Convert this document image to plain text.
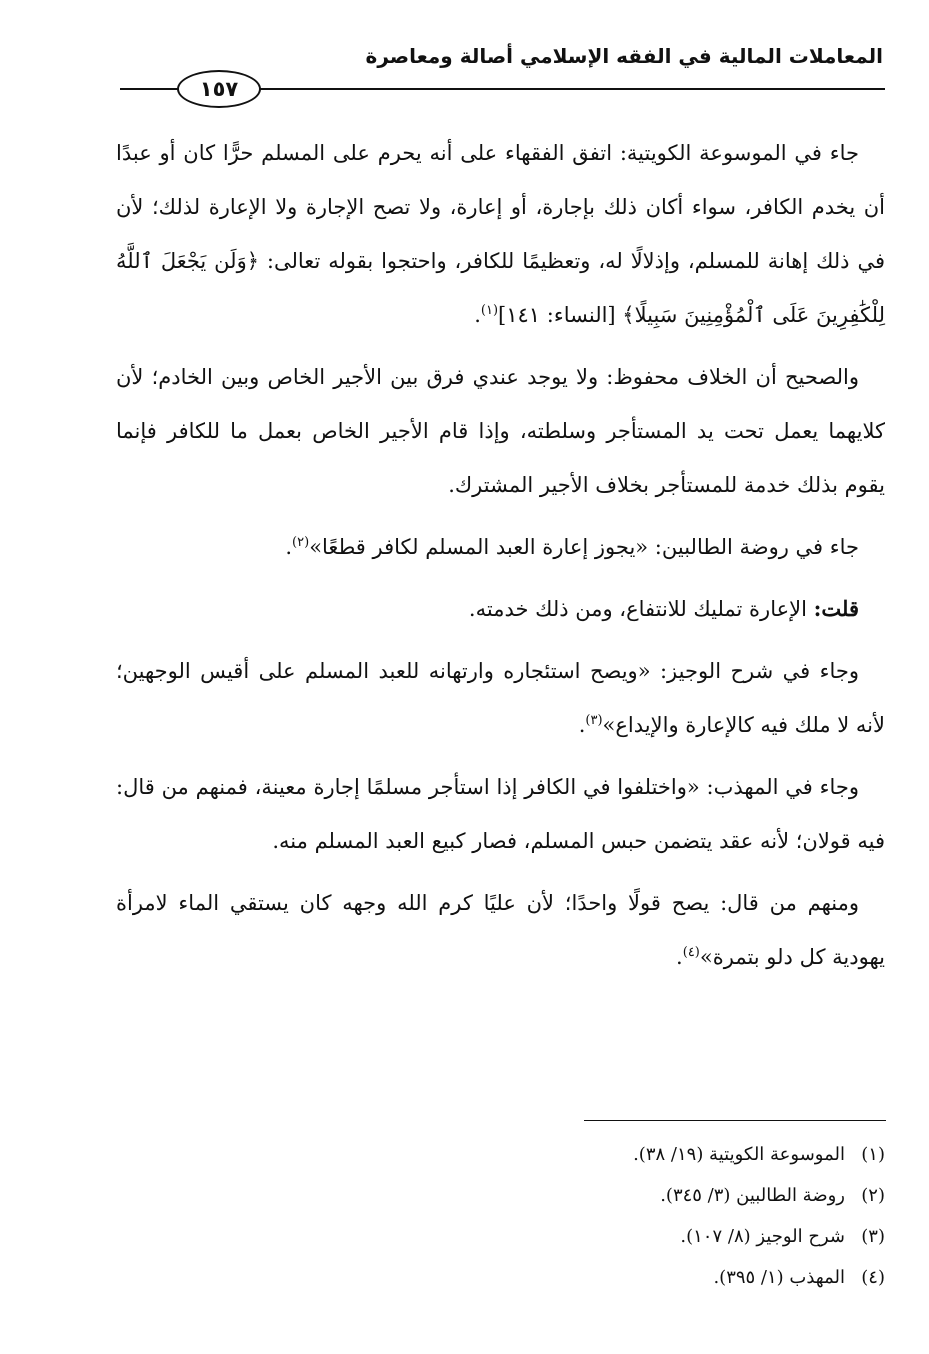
المعاملات المالية في الفقه الإسلامي أصالة ومعاصرة
١٥٧

جاء في الموسوعة الكويتية: اتفق الفقهاء على أنه يحرم على المسلم حرًّا كان أو عبدًا أن يخدم الكافر، سواء أكان ذلك بإجارة، أو إعارة، ولا تصح الإجارة ولا الإعارة لذلك؛ لأن في ذلك إهانة للمسلم، وإذلالًا له، وتعظيمًا للكافر، واحتجوا بقوله تعالى: ﴿وَلَن يَجْعَلَ ٱللَّهُ لِلْكَٰفِرِينَ عَلَى ٱلْمُؤْمِنِينَ سَبِيلًا﴾ [النساء: ١٤١]$^{(١)}$.

والصحيح أن الخلاف محفوظ: ولا يوجد عندي فرق بين الأجير الخاص وبين الخادم؛ لأن كلايهما يعمل تحت يد المستأجر وسلطته، وإذا قام الأجير الخاص بعمل ما للكافر فإنما يقوم بذلك خدمة للمستأجر بخلاف الأجير المشترك.

جاء في روضة الطالبين: «يجوز إعارة العبد المسلم لكافر قطعًا»$^{(٢)}$.

قلت: الإعارة تمليك للانتفاع، ومن ذلك خدمته.

وجاء في شرح الوجيز: «ويصح استئجاره وارتهانه للعبد المسلم على أقيس الوجهين؛ لأنه لا ملك فيه كالإعارة والإيداع»$^{(٣)}$.

وجاء في المهذب: «واختلفوا في الكافر إذا استأجر مسلمًا إجارة معينة، فمنهم من قال: فيه قولان؛ لأنه عقد يتضمن حبس المسلم، فصار كبيع العبد المسلم منه.

ومنهم من قال: يصح قولًا واحدًا؛ لأن عليًا كرم الله وجهه كان يستقي الماء لامرأة يهودية كل دلو بتمرة»$^{(٤)}$.

(١)الموسوعة الكويتية (١٩/ ٣٨).
(٢)روضة الطالبين (٣/ ٣٤٥).
(٣)شرح الوجيز (٨/ ١٠٧).
(٤)المهذب (١/ ٣٩٥).
